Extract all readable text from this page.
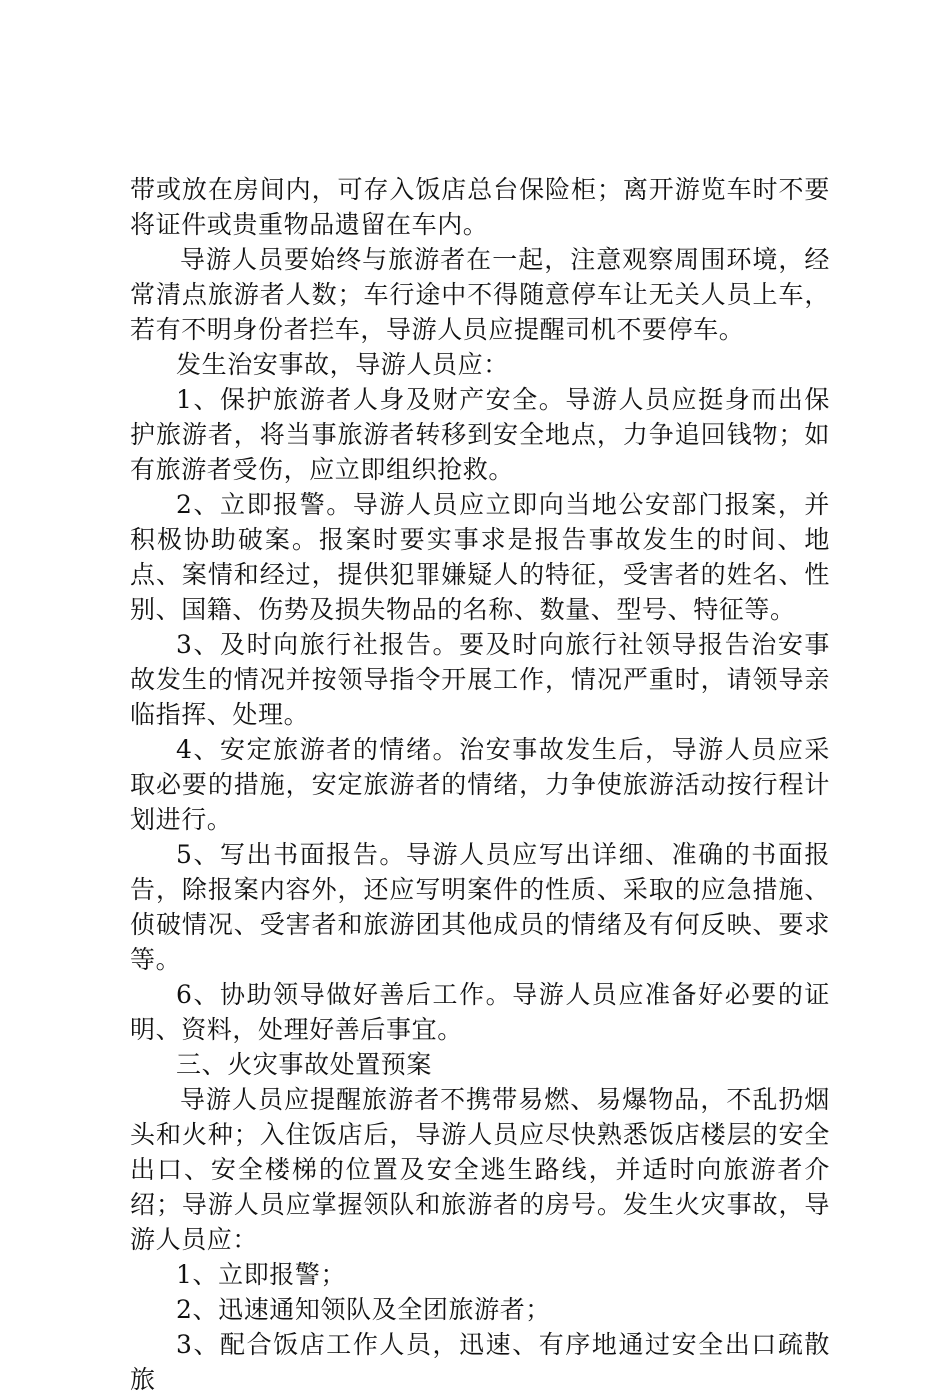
带或放在房间内，可存入饭店总台保险柜；离开游览车时不要将证件或贵重物品遗留在车内。

导游人员要始终与旅游者在一起，注意观察周围环境，经常清点旅游者人数；车行途中不得随意停车让无关人员上车，若有不明身份者拦车，导游人员应提醒司机不要停车。

发生治安事故，导游人员应：

1、保护旅游者人身及财产安全。导游人员应挺身而出保护旅游者，将当事旅游者转移到安全地点，力争追回钱物；如有旅游者受伤，应立即组织抢救。

2、立即报警。导游人员应立即向当地公安部门报案，并积极协助破案。报案时要实事求是报告事故发生的时间、地点、案情和经过，提供犯罪嫌疑人的特征，受害者的姓名、性别、国籍、伤势及损失物品的名称、数量、型号、特征等。

3、及时向旅行社报告。要及时向旅行社领导报告治安事故发生的情况并按领导指令开展工作，情况严重时，请领导亲临指挥、处理。

4、安定旅游者的情绪。治安事故发生后，导游人员应采取必要的措施，安定旅游者的情绪，力争使旅游活动按行程计划进行。

5、写出书面报告。导游人员应写出详细、准确的书面报告，除报案内容外，还应写明案件的性质、采取的应急措施、侦破情况、受害者和旅游团其他成员的情绪及有何反映、要求等。

6、协助领导做好善后工作。导游人员应准备好必要的证明、资料，处理好善后事宜。

三、火灾事故处置预案

导游人员应提醒旅游者不携带易燃、易爆物品，不乱扔烟头和火种；入住饭店后，导游人员应尽快熟悉饭店楼层的安全出口、安全楼梯的位置及安全逃生路线，并适时向旅游者介绍；导游人员应掌握领队和旅游者的房号。发生火灾事故，导游人员应：

1、立即报警；

2、迅速通知领队及全团旅游者；

3、配合饭店工作人员，迅速、有序地通过安全出口疏散旅
